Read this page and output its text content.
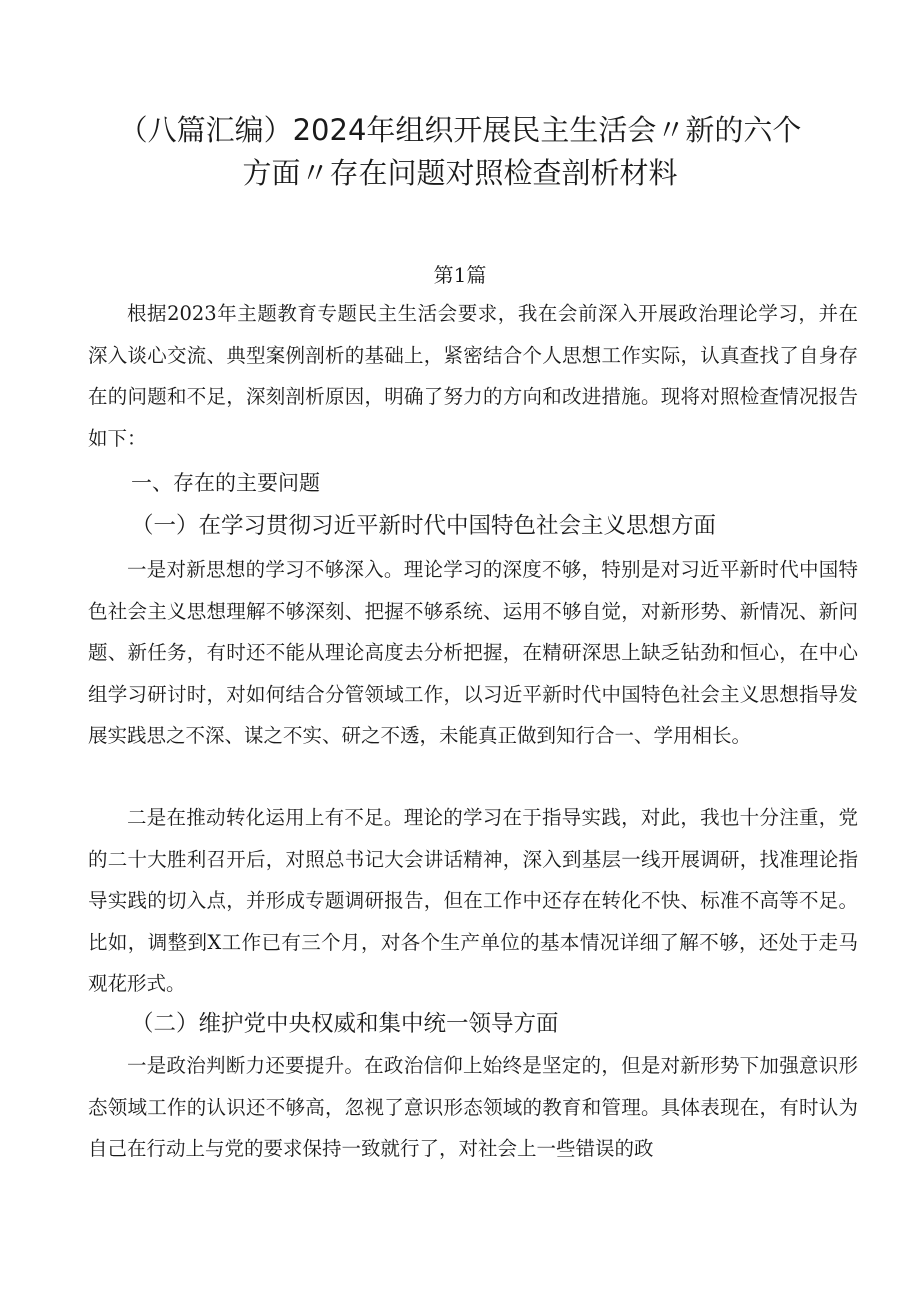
（八篇汇编）2024年组织开展民主生活会〃新的六个
方面〃存在问题对照检查剖析材料
第1篇

根据2023年主题教育专题民主生活会要求，我在会前深入开展政治理论学习，并在深入谈心交流、典型案例剖析的基础上，紧密结合个人思想工作实际，认真查找了自身存在的问题和不足，深刻剖析原因，明确了努力的方向和改进措施。现将对照检查情况报告如下：

一、存在的主要问题
（一）在学习贯彻习近平新时代中国特色社会主义思想方面

一是对新思想的学习不够深入。理论学习的深度不够，特别是对习近平新时代中国特色社会主义思想理解不够深刻、把握不够系统、运用不够自觉，对新形势、新情况、新问题、新任务，有时还不能从理论高度去分析把握，在精研深思上缺乏钻劲和恒心，在中心组学习研讨时，对如何结合分管领域工作，以习近平新时代中国特色社会主义思想指导发展实践思之不深、谋之不实、研之不透，未能真正做到知行合一、学用相长。

二是在推动转化运用上有不足。理论的学习在于指导实践，对此，我也十分注重，党的二十大胜利召开后，对照总书记大会讲话精神，深入到基层一线开展调研，找准理论指导实践的切入点，并形成专题调研报告，但在工作中还存在转化不快、标准不高等不足。比如，调整到X工作已有三个月，对各个生产单位的基本情况详细了解不够，还处于走马观花形式。

（二）维护党中央权威和集中统一领导方面

一是政治判断力还要提升。在政治信仰上始终是坚定的，但是对新形势下加强意识形态领域工作的认识还不够高，忽视了意识形态领域的教育和管理。具体表现在，有时认为自己在行动上与党的要求保持一致就行了，对社会上一些错误的政
